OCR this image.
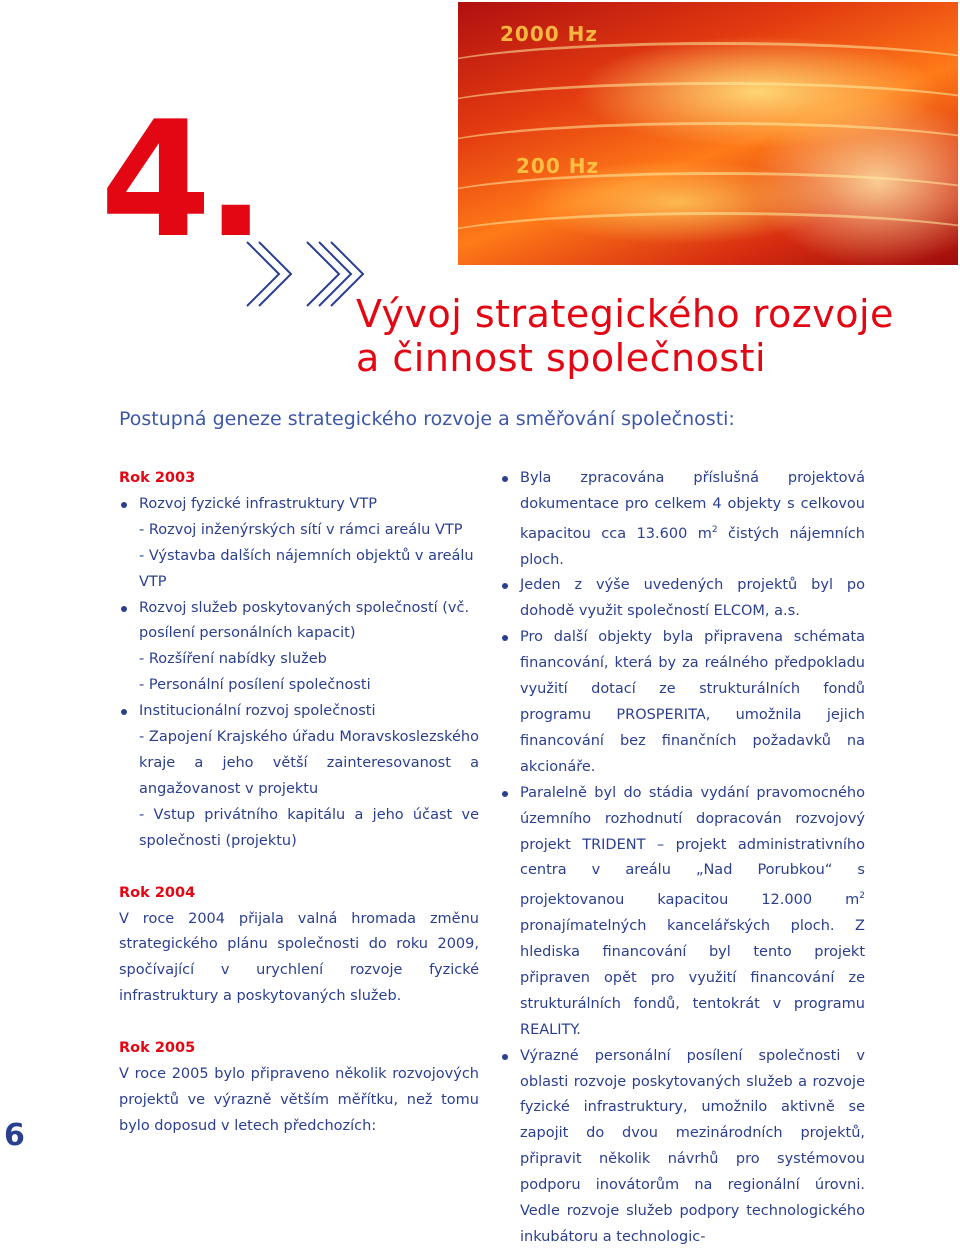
2000 Hz
200 Hz
4.
Vývoj strategického rozvoje
a činnost společnosti
Postupná geneze strategického rozvoje a směřování společnosti:
Rok 2003
Rozvoj fyzické infrastruktury VTP
- Rozvoj inženýrských sítí v rámci areálu VTP
- Výstavba dalších nájemních objektů v areálu VTP
Rozvoj služeb poskytovaných společností (vč.
posílení personálních kapacit)
- Rozšíření nabídky služeb
- Personální posílení společnosti
Institucionální rozvoj společnosti
- Zapojení Krajského úřadu Moravskoslezského kraje a jeho větší zainteresovanost a angažovanost v projektu
- Vstup privátního kapitálu a jeho účast ve společnosti (projektu)
Rok 2004
V roce 2004 přijala valná hromada změnu strategického plánu společnosti do roku 2009, spočívající v urychlení rozvoje fyzické infrastruktury a poskytovaných služeb.
Rok 2005
V roce 2005 bylo připraveno několik rozvojových projektů ve výrazně větším měřítku, než tomu bylo doposud v letech předchozích:
Byla zpracována příslušná projektová dokumentace pro celkem 4 objekty s celkovou kapacitou cca 13.600 $m^2$ čistých nájemních ploch.
Jeden z výše uvedených projektů byl po dohodě využit společností ELCOM, a.s.
Pro další objekty byla připravena schémata financování, která by za reálného předpokladu využití dotací ze strukturálních fondů programu PROSPERITA, umožnila jejich financování bez finančních požadavků na akcionáře.
Paralelně byl do stádia vydání pravomocného územního rozhodnutí dopracován rozvojový projekt TRIDENT – projekt administrativního centra v areálu „Nad Porubkou“ s projektovanou kapacitou 12.000 $m^2$ pronajímatelných kancelářských ploch. Z hlediska financování byl tento projekt připraven opět pro využití financování ze strukturálních fondů, tentokrát v programu REALITY.
Výrazné personální posílení společnosti v oblasti rozvoje poskytovaných služeb a rozvoje fyzické infrastruktury, umožnilo aktivně se zapojit do dvou mezinárodních projektů, připravit několik návrhů pro systémovou podporu inovátorům na regionální úrovni. Vedle rozvoje služeb podpory technologického inkubátoru a technologic-
6
